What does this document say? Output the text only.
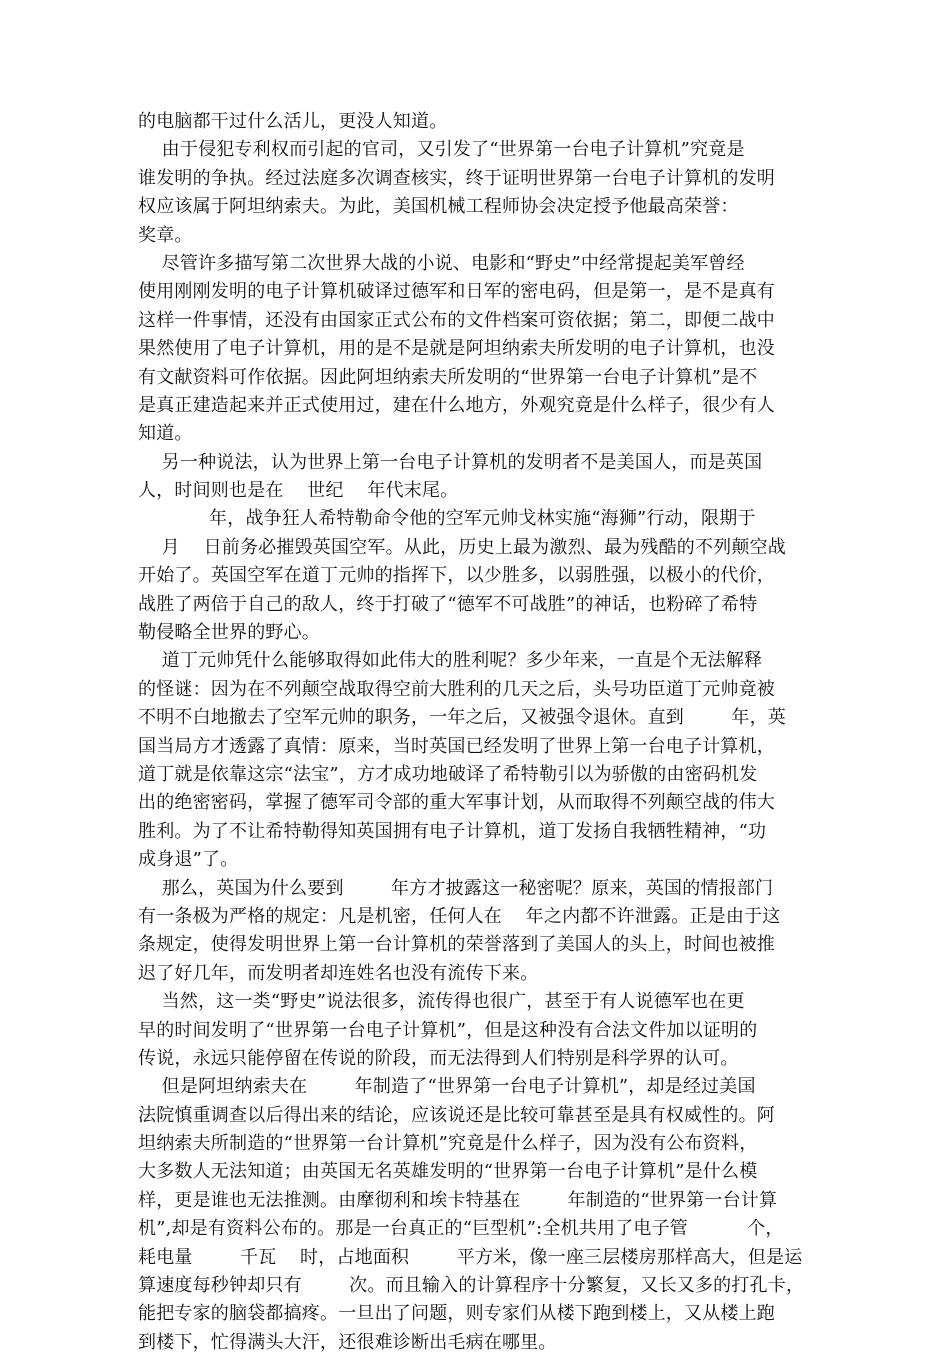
的电脑都干过什么活儿，更没人知道。
由于侵犯专利权而引起的官司，又引发了“世界第一台电子计算机”究竟是
谁发明的争执。经过法庭多次调查核实，终于证明世界第一台电子计算机的发明
权应该属于阿坦纳索夫。为此，美国机械工程师协会决定授予他最高荣誉：
奖章。
尽管许多描写第二次世界大战的小说、电影和“野史”中经常提起美军曾经
使用刚刚发明的电子计算机破译过德军和日军的密电码，但是第一，是不是真有
这样一件事情，还没有由国家正式公布的文件档案可资依据；第二，即便二战中
果然使用了电子计算机，用的是不是就是阿坦纳索夫所发明的电子计算机，也没
有文献资料可作依据。因此阿坦纳索夫所发明的“世界第一台电子计算机”是不
是真正建造起来并正式使用过，建在什么地方，外观究竟是什么样子，很少有人
知道。
另一种说法，认为世界上第一台电子计算机的发明者不是美国人，而是英国
人，时间则也是在    世纪    年代末尾。
年，战争狂人希特勒命令他的空军元帅戈林实施“海狮”行动，限期于
月    日前务必摧毁英国空军。从此，历史上最为激烈、最为残酷的不列颠空战
开始了。英国空军在道丁元帅的指挥下，以少胜多，以弱胜强，以极小的代价，
战胜了两倍于自己的敌人，终于打破了“德军不可战胜”的神话，也粉碎了希特
勒侵略全世界的野心。
道丁元帅凭什么能够取得如此伟大的胜利呢？多少年来，一直是个无法解释
的怪谜：因为在不列颠空战取得空前大胜利的几天之后，头号功臣道丁元帅竟被
不明不白地撤去了空军元帅的职务，一年之后，又被强令退休。直到        年，英
国当局方才透露了真情：原来，当时英国已经发明了世界上第一台电子计算机，
道丁就是依靠这宗“法宝”，方才成功地破译了希特勒引以为骄傲的由密码机发
出的绝密密码，掌握了德军司令部的重大军事计划，从而取得不列颠空战的伟大
胜利。为了不让希特勒得知英国拥有电子计算机，道丁发扬自我牺牲精神，“功
成身退”了。
那么，英国为什么要到        年方才披露这一秘密呢？原来，英国的情报部门
有一条极为严格的规定：凡是机密，任何人在    年之内都不许泄露。正是由于这
条规定，使得发明世界上第一台计算机的荣誉落到了美国人的头上，时间也被推
迟了好几年，而发明者却连姓名也没有流传下来。
当然，这一类“野史”说法很多，流传得也很广，甚至于有人说德军也在更
早的时间发明了“世界第一台电子计算机”，但是这种没有合法文件加以证明的
传说，永远只能停留在传说的阶段，而无法得到人们特别是科学界的认可。
但是阿坦纳索夫在        年制造了“世界第一台电子计算机”，却是经过美国
法院慎重调查以后得出来的结论，应该说还是比较可靠甚至是具有权威性的。阿
坦纳索夫所制造的“世界第一台计算机”究竟是什么样子，因为没有公布资料，
大多数人无法知道；由英国无名英雄发明的“世界第一台电子计算机”是什么模
样，更是谁也无法推测。由摩彻利和埃卡特基在        年制造的“世界第一台计算
机”,却是有资料公布的。那是一台真正的“巨型机”:全机共用了电子管          个，
耗电量        千瓦    时，占地面积        平方米，像一座三层楼房那样高大，但是运
算速度每秒钟却只有        次。而且输入的计算程序十分繁复，又长又多的打孔卡，
能把专家的脑袋都搞疼。一旦出了问题，则专家们从楼下跑到楼上，又从楼上跑
到楼下，忙得满头大汗，还很难诊断出毛病在哪里。
